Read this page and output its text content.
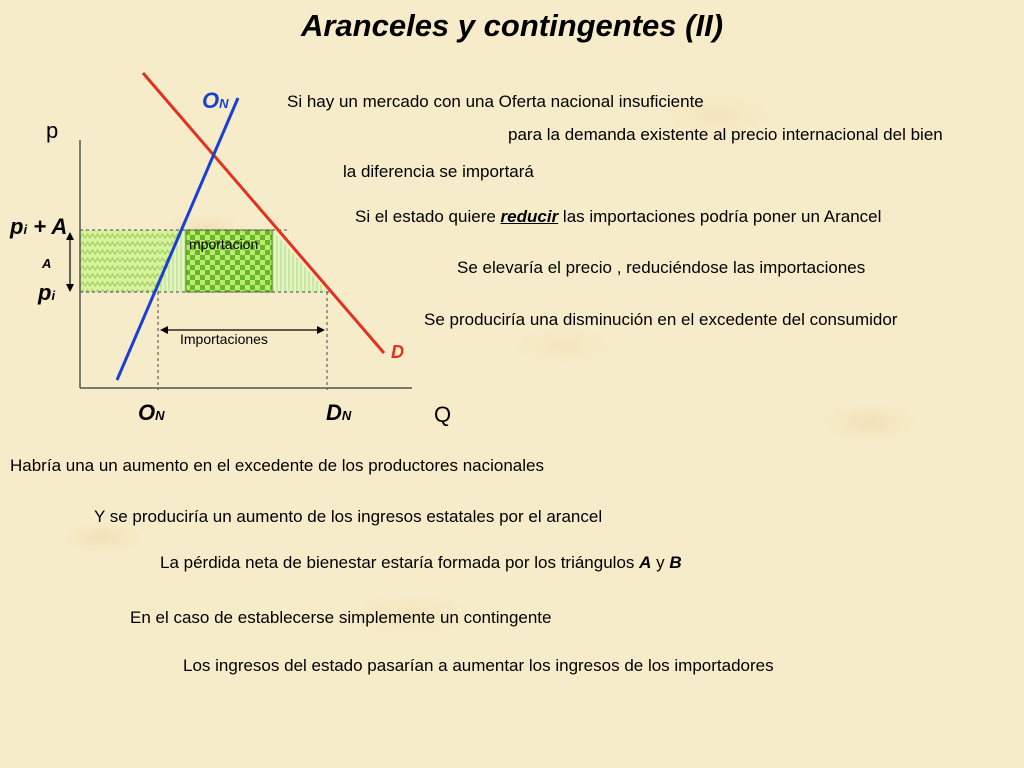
Aranceles y contingentes (II)
p
Q
ON
D
pi + A
A
pi
ON	DN
mportacion
Importaciones
Si hay un mercado con una Oferta nacional insuficiente
para la demanda existente al precio internacional del bien
la diferencia se importará
Si el estado quiere reducir las importaciones podría poner un Arancel
Se elevaría el precio , reduciéndose las importaciones
Se produciría una disminución en el excedente del consumidor
Habría una un aumento en el excedente de los productores nacionales
Y se produciría un aumento de los ingresos estatales por el arancel
La pérdida neta de bienestar estaría formada por los triángulos A y B
En el caso de establecerse simplemente un contingente
Los ingresos del estado pasarían a aumentar los ingresos de los importadores
